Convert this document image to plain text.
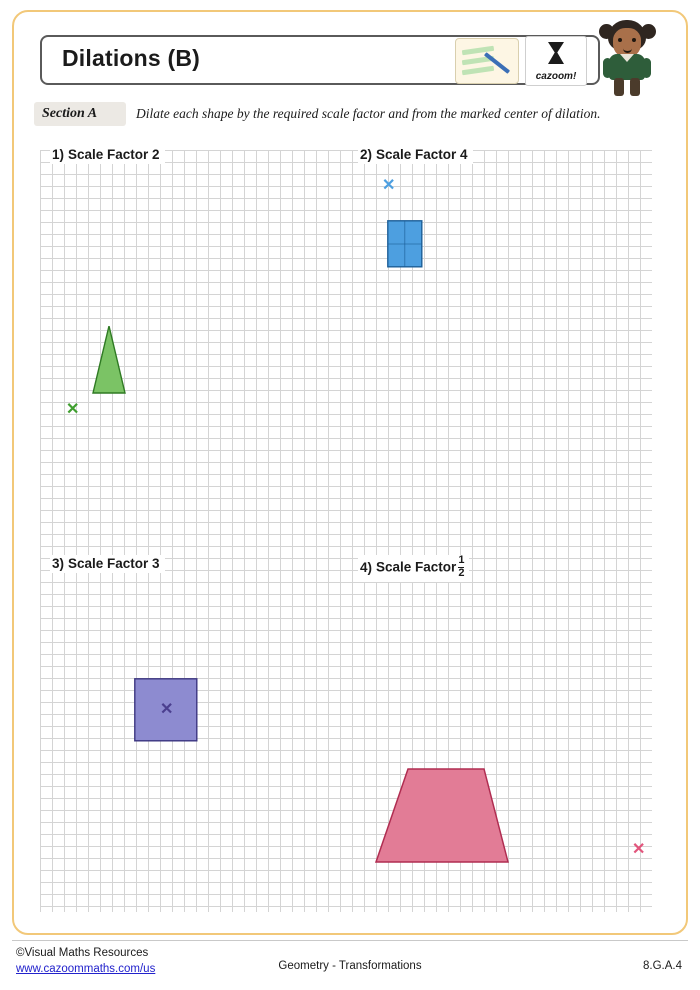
Dilations (B)
cazoom!
Section A	Dilate each shape by the required scale factor and from the marked center of dilation.
1) Scale Factor 2
✕
2) Scale Factor 4
✕
3) Scale Factor 3
✕
4) Scale Factor $\frac{1}{2}$
✕
©Visual Maths Resources
www.cazoommaths.com/us	Geometry - Transformations	8.G.A.4
